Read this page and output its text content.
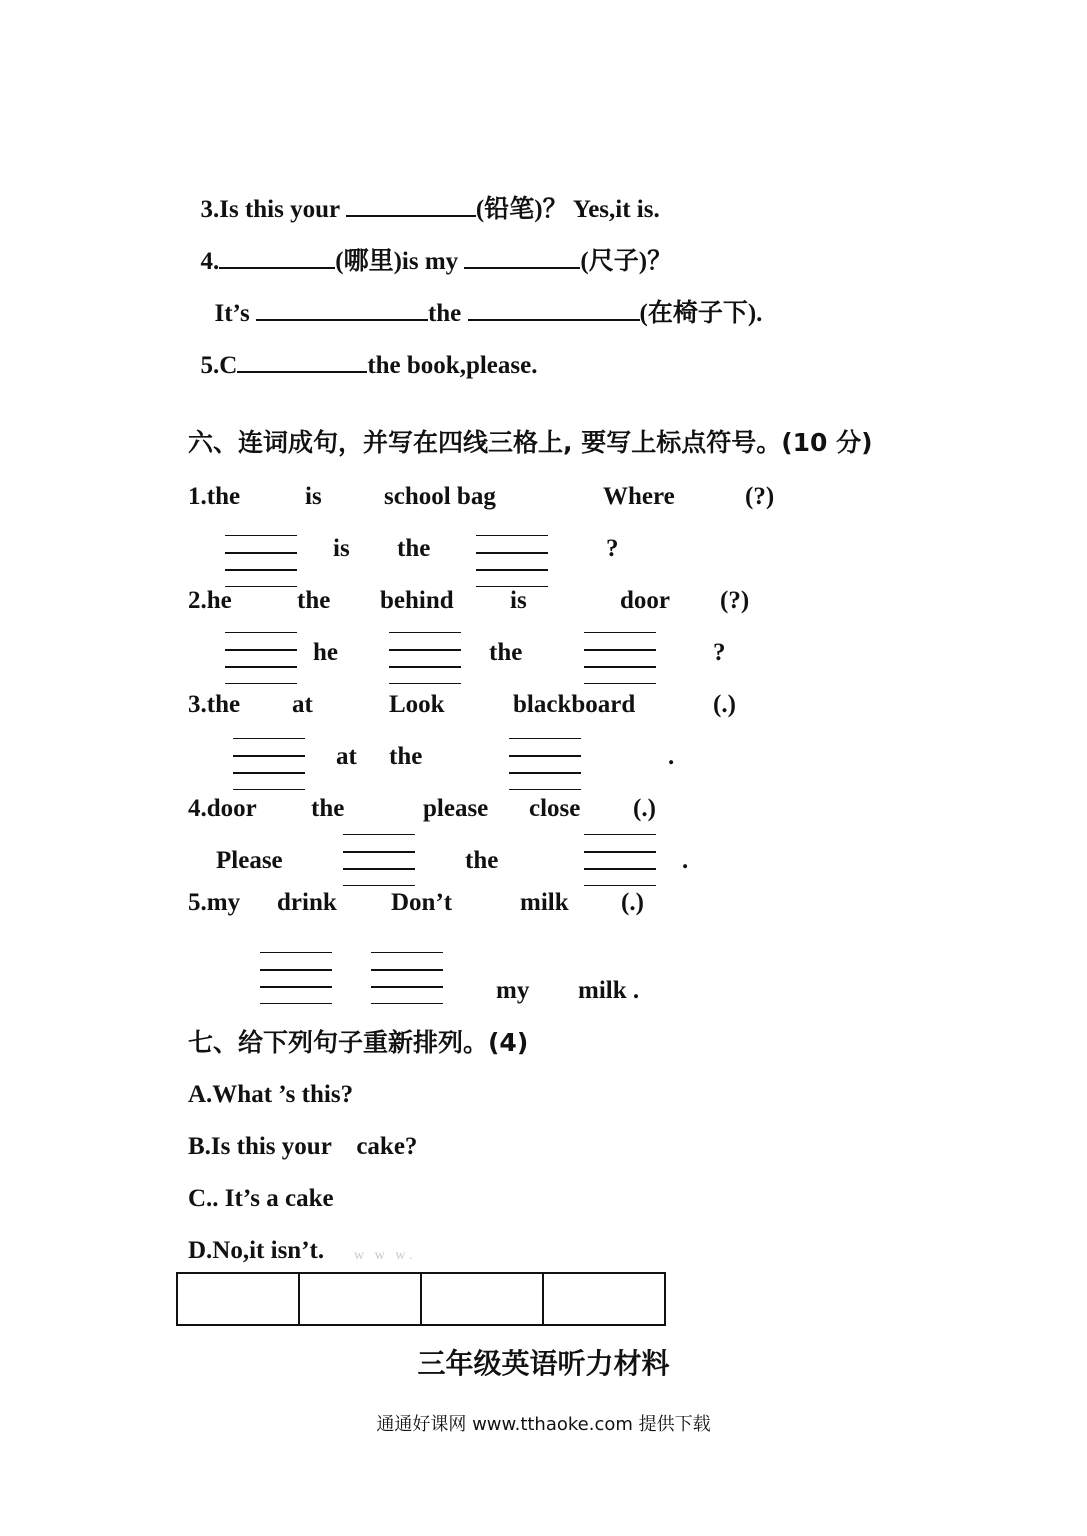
3.Is this your	(铅笔)？ Yes,it is.

4.	(哪里)is my	(尺子)？

It’s	the	(在椅子下).

5.C	the book,please.

六、连词成句，并写在四线三格上, 要写上标点符号。(10 分)
1.the	is school bag	Where	(?)
is the	?
2.he	the behind is	door (?)
he	the	?
3.the at	Look	blackboard	(.)
at the	.
4.door the	please close (.)
Please	the	.
5.my drink Don’t	milk (.)
my milk .
七、给下列句子重新排列。(4)
A.What ’s this?
B.Is this your    cake?
C.. It’s a cake
D.No,it isn’t. w   w   w .

三年级英语听力材料
通通好课网 www.tthaoke.com 提供下载
